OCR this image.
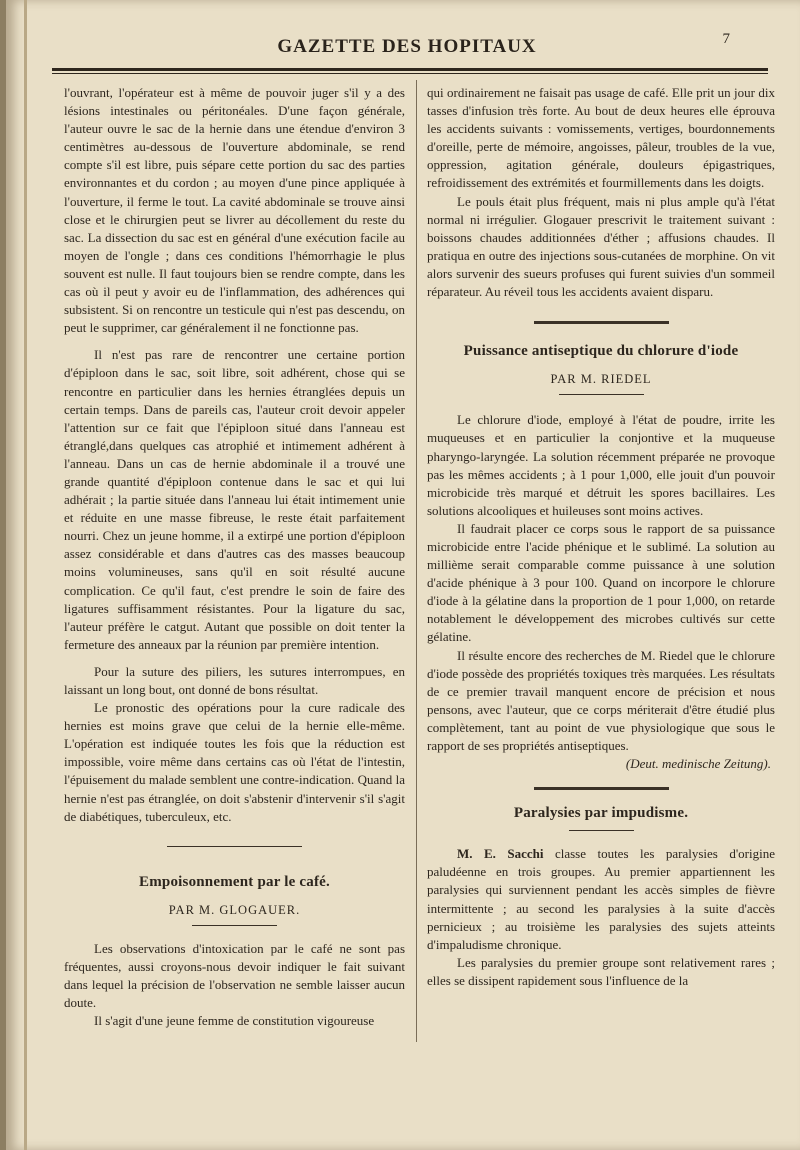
GAZETTE DES HOPITAUX	7

l'ouvrant, l'opérateur est à même de pouvoir juger s'il y a des lésions intestinales ou péritonéales. D'une façon générale, l'auteur ouvre le sac de la hernie dans une étendue d'environ 3 centimètres au-dessous de l'ouverture abdominale, se rend compte s'il est libre, puis sépare cette portion du sac des parties environnantes et du cordon ; au moyen d'une pince appliquée à l'ouverture, il ferme le tout. La cavité abdominale se trouve ainsi close et le chirurgien peut se livrer au décollement du reste du sac. La dissection du sac est en général d'une exécution facile au moyen de l'ongle ; dans ces conditions l'hémorrhagie le plus souvent est nulle. Il faut toujours bien se rendre compte, dans les cas où il peut y avoir eu de l'inflammation, des adhérences qui subsistent. Si on rencontre un testicule qui n'est pas descendu, on peut le supprimer, car généralement il ne fonctionne pas.

Il n'est pas rare de rencontrer une certaine portion d'épiploon dans le sac, soit libre, soit adhérent, chose qui se rencontre en particulier dans les hernies étranglées depuis un certain temps. Dans de pareils cas, l'auteur croit devoir appeler l'attention sur ce fait que l'épiploon situé dans l'anneau est étranglé,dans quelques cas atrophié et intimement adhérent à l'anneau. Dans un cas de hernie abdominale il a trouvé une grande quantité d'épiploon contenue dans le sac et qui lui adhérait ; la partie située dans l'anneau lui était intimement unie et réduite en une masse fibreuse, le reste était parfaitement nourri. Chez un jeune homme, il a extirpé une portion d'épiploon assez considérable et dans d'autres cas des masses beaucoup moins volumineuses, sans qu'il en soit résulté aucune complication. Ce qu'il faut, c'est prendre le soin de faire des ligatures suffisamment résistantes. Pour la ligature du sac, l'auteur préfère le catgut. Autant que possible on doit tenter la fermeture des anneaux par la réunion par première intention.

Pour la suture des piliers, les sutures interrompues, en laissant un long bout, ont donné de bons résultat.

Le pronostic des opérations pour la cure radicale des hernies est moins grave que celui de la hernie elle-même. L'opération est indiquée toutes les fois que la réduction est impossible, voire même dans certains cas où l'état de l'intestin, l'épuisement du malade semblent une contre-indication. Quand la hernie n'est pas étranglée, on doit s'abstenir d'intervenir s'il s'agit de diabétiques, tuberculeux, etc.

Empoisonnement par le café.

PAR M. GLOGAUER.

Les observations d'intoxication par le café ne sont pas fréquentes, aussi croyons-nous devoir indiquer le fait suivant dans lequel la précision de l'observation ne semble laisser aucun doute.

Il s'agit d'une jeune femme de constitution vigoureuse

qui ordinairement ne faisait pas usage de café. Elle prit un jour dix tasses d'infusion très forte. Au bout de deux heures elle éprouva les accidents suivants : vomissements, vertiges, bourdonnements d'oreille, perte de mémoire, angoisses, pâleur, troubles de la vue, oppression, agitation générale, douleurs épigastriques, refroidissement des extrémités et fourmillements dans les doigts.

Le pouls était plus fréquent, mais ni plus ample qu'à l'état normal ni irrégulier. Glogauer prescrivit le traitement suivant : boissons chaudes additionnées d'éther ; affusions chaudes. Il pratiqua en outre des injections sous-cutanées de morphine. On vit alors survenir des sueurs profuses qui furent suivies d'un sommeil réparateur. Au réveil tous les accidents avaient disparu.

Puissance antiseptique du chlorure d'iode

PAR M. RIEDEL

Le chlorure d'iode, employé à l'état de poudre, irrite les muqueuses et en particulier la conjontive et la muqueuse pharyngo-laryngée. La solution récemment préparée ne provoque pas les mêmes accidents ; à 1 pour 1,000, elle jouit d'un pouvoir microbicide très marqué et détruit les spores bacillaires. Les solutions alcooliques et huileuses sont moins actives.

Il faudrait placer ce corps sous le rapport de sa puissance microbicide entre l'acide phénique et le sublimé. La solution au millième serait comparable comme puissance à une solution d'acide phénique à 3 pour 100. Quand on incorpore le chlorure d'iode à la gélatine dans la proportion de 1 pour 1,000, on retarde notablement le développement des microbes cultivés sur cette gélatine.

Il résulte encore des recherches de M. Riedel que le chlorure d'iode possède des propriétés toxiques très marquées. Les résultats de ce premier travail manquent encore de précision et nous pensons, avec l'auteur, que ce corps mériterait d'être étudié plus complètement, tant au point de vue physiologique que sous le rapport de ses propriétés antiseptiques.

(Deut. medinische Zeitung).

Paralysies par impudisme.

M. E. Sacchi classe toutes les paralysies d'origine paludéenne en trois groupes. Au premier appartiennent les paralysies qui surviennent pendant les accès simples de fièvre intermittente ; au second les paralysies à la suite d'accès pernicieux ; au troisième les paralysies des sujets atteints d'impaludisme chronique.

Les paralysies du premier groupe sont relativement rares ; elles se dissipent rapidement sous l'influence de la
